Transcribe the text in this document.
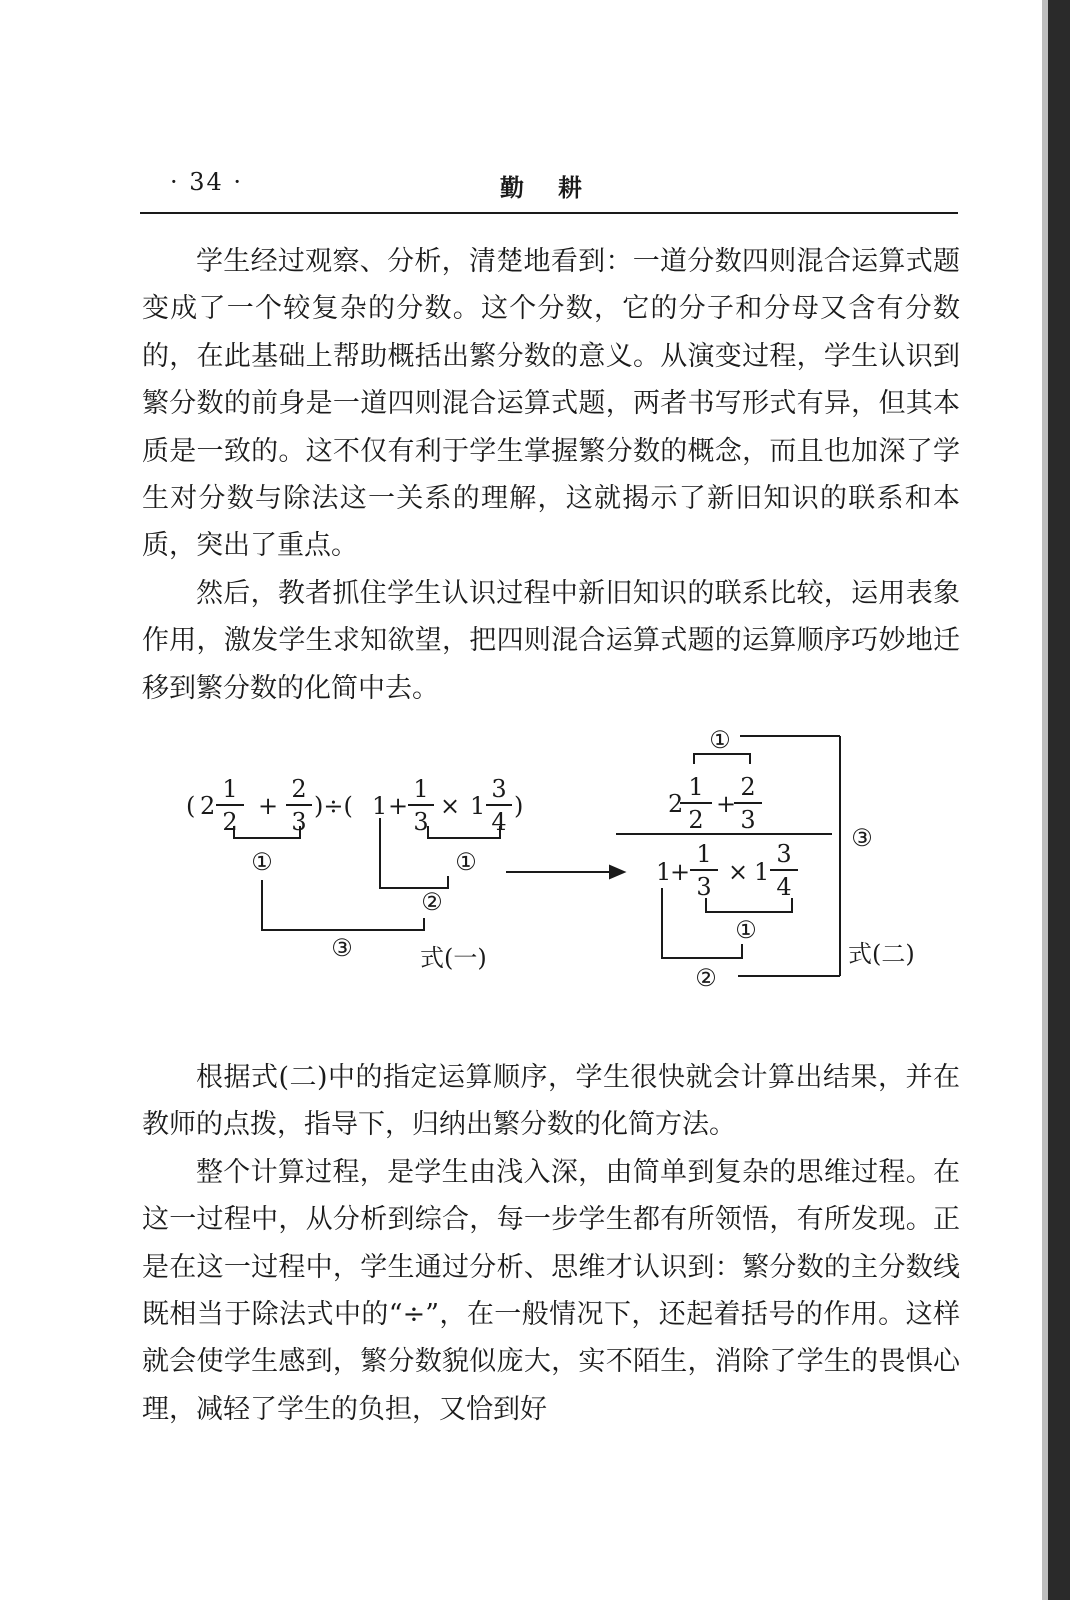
· 34 ·	勤耕

学生经过观察、分析，清楚地看到：一道分数四则混合运算式题变成了一个较复杂的分数。这个分数，它的分子和分母又含有分数的，在此基础上帮助概括出繁分数的意义。从演变过程，学生认识到繁分数的前身是一道四则混合运算式题，两者书写形式有异，但其本质是一致的。这不仅有利于学生掌握繁分数的概念，而且也加深了学生对分数与除法这一关系的理解，这就揭示了新旧知识的联系和本质，突出了重点。

然后，教者抓住学生认识过程中新旧知识的联系比较，运用表象作用，激发学生求知欲望，把四则混合运算式题的运算顺序巧妙地迁移到繁分数的化简中去。

( 2
1
2
+
2
3
)÷( 1 +
1
3
× 1
3
4
)
①	①
②
③	式(一)
①
2
1
2
+
2
3
1
+
1
3
× 1
3
4
①
②
③
式(二)

根据式(二)中的指定运算顺序，学生很快就会计算出结果，并在教师的点拨，指导下，归纳出繁分数的化简方法。

整个计算过程，是学生由浅入深，由简单到复杂的思维过程。在这一过程中，从分析到综合，每一步学生都有所领悟，有所发现。正是在这一过程中，学生通过分析、思维才认识到：繁分数的主分数线既相当于除法式中的“÷”，在一般情况下，还起着括号的作用。这样就会使学生感到，繁分数貌似庞大，实不陌生，消除了学生的畏惧心理，减轻了学生的负担，又恰到好
